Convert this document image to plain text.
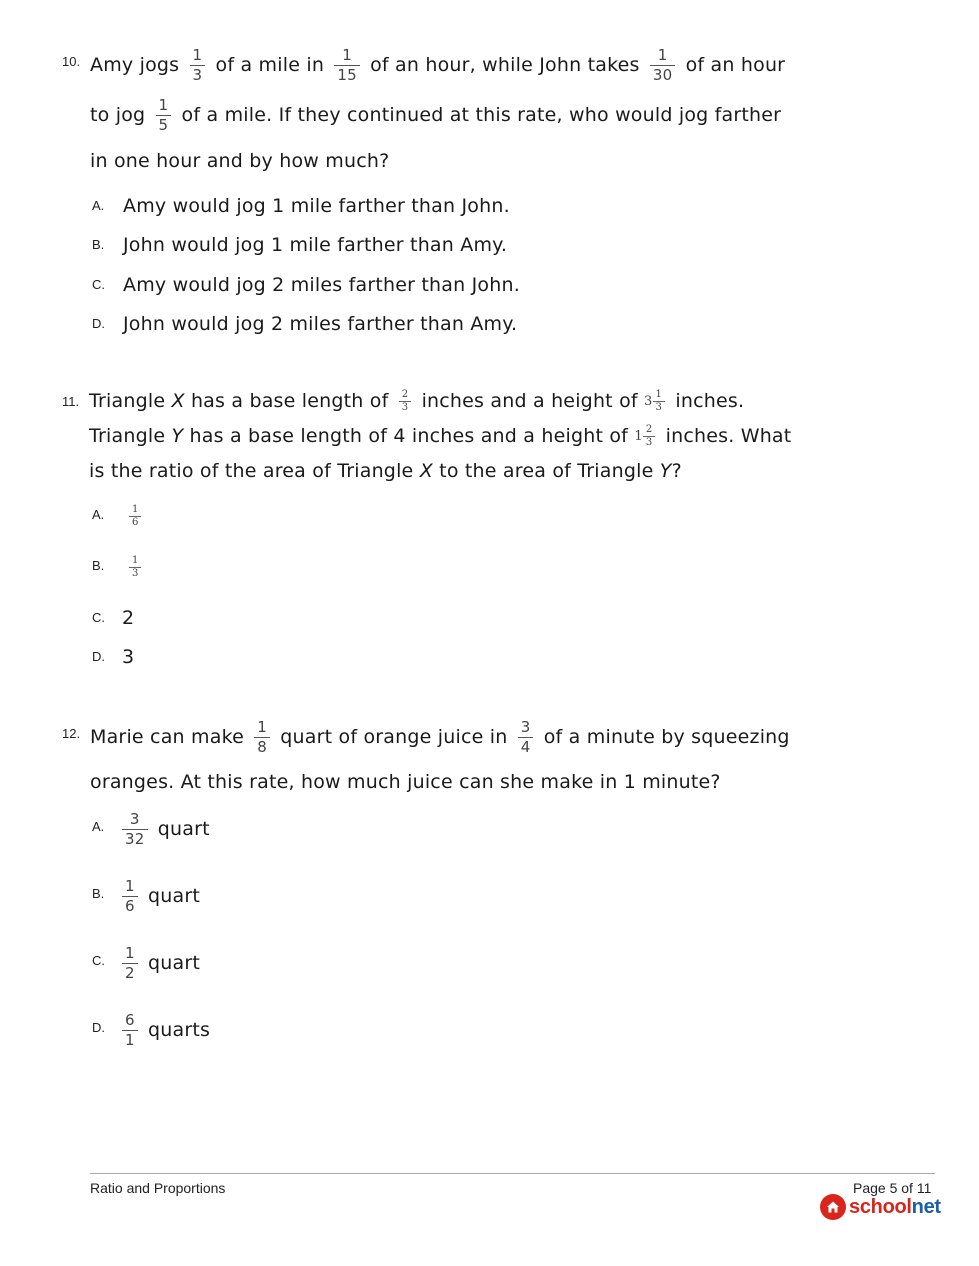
10. Amy jogs $\frac{1}{3}$ of a mile in $\frac{1}{15}$ of an hour, while John takes $\frac{1}{30}$ of an hour
to jog $\frac{1}{5}$ of a mile. If they continued at this rate, who would jog farther
in one hour and by how much?
A. Amy would jog 1 mile farther than John.
B. John would jog 1 mile farther than Amy.
C. Amy would jog 2 miles farther than John.
D. John would jog 2 miles farther than Amy.
11. Triangle X has a base length of $\frac{2}{3}$ inches and a height of $3 \frac{1}{3}$ inches.
Triangle Y has a base length of 4 inches and a height of $1 \frac{2}{3}$ inches. What
is the ratio of the area of Triangle X to the area of Triangle Y?
A. $\frac{1}{6}$
B. $\frac{1}{3}$
C. 2
D. 3
12. Marie can make $\frac{1}{8}$ quart of orange juice in $\frac{3}{4}$ of a minute by squeezing
oranges. At this rate, how much juice can she make in 1 minute?
A. $\frac{3}{32}$ quart
B. $\frac{1}{6}$ quart
C. $\frac{1}{2}$ quart
D. $\frac{6}{1}$ quarts
Ratio and Proportions	Page 5 of 11
schoolnet
